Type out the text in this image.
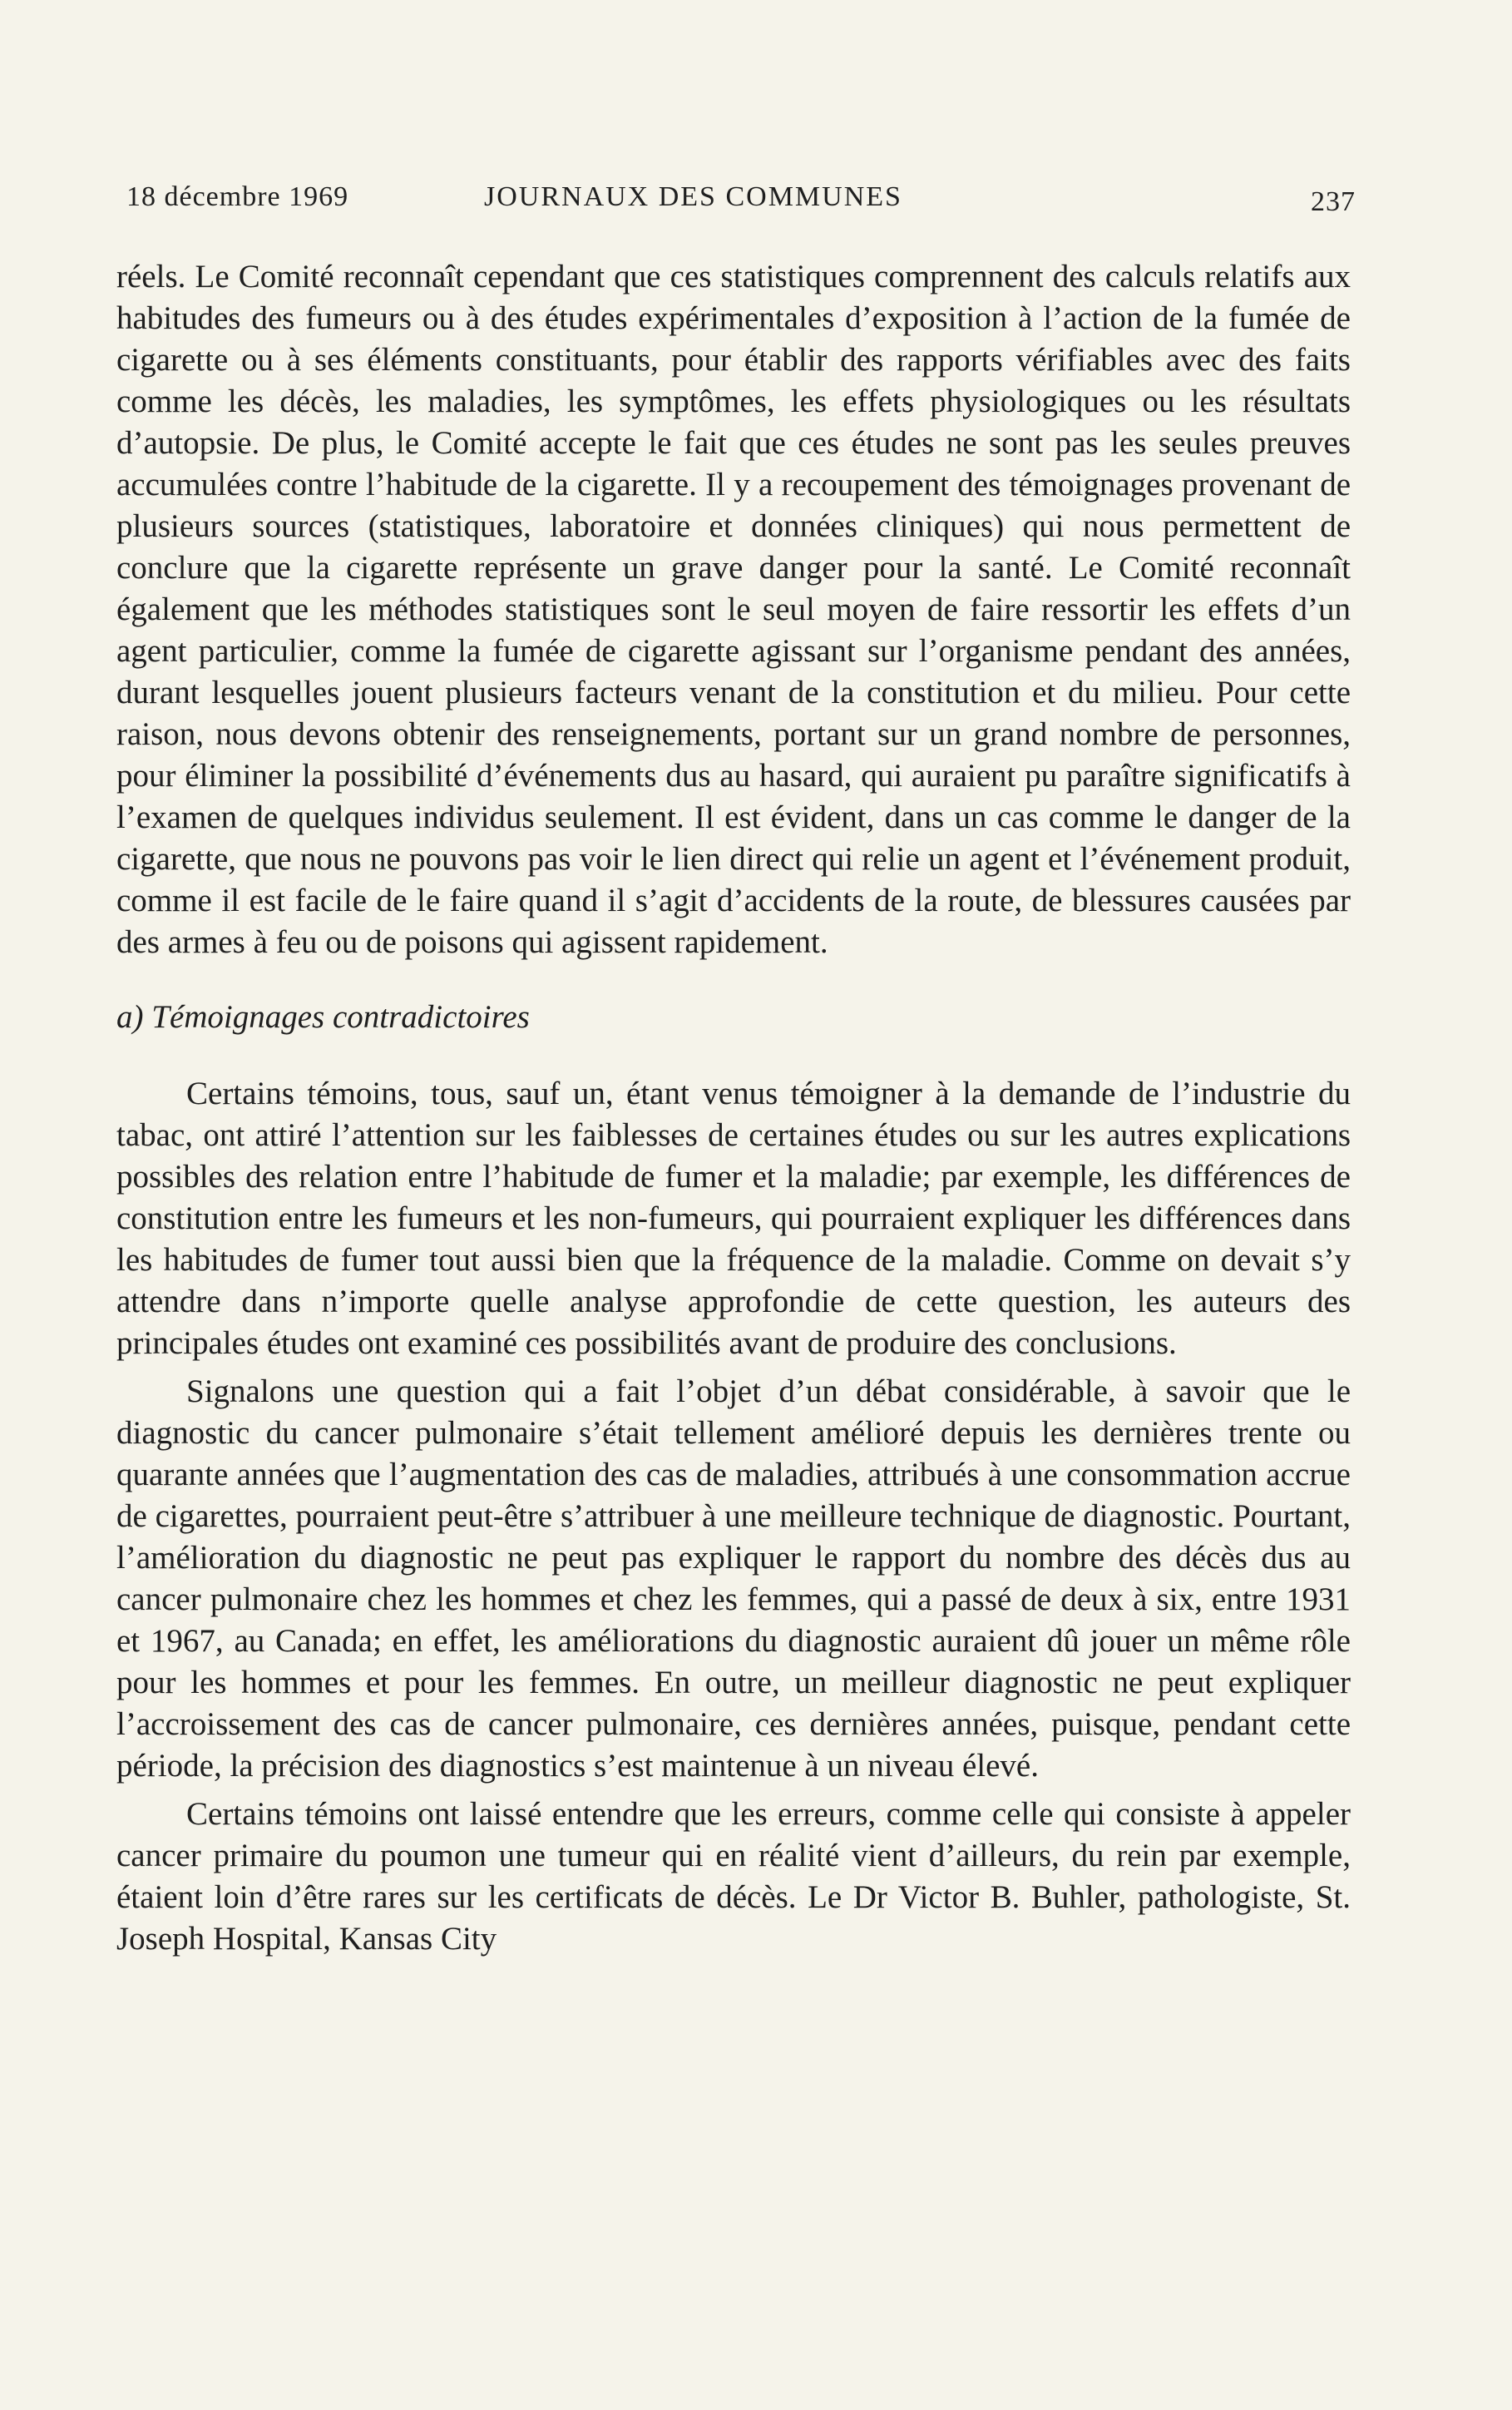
18 décembre 1969	JOURNAUX DES COMMUNES	237

réels. Le Comité reconnaît cependant que ces statistiques comprennent des calculs relatifs aux habitudes des fumeurs ou à des études expérimentales d’exposition à l’action de la fumée de cigarette ou à ses éléments constituants, pour établir des rapports vérifiables avec des faits comme les décès, les maladies, les symptômes, les effets physiologiques ou les résultats d’autopsie. De plus, le Comité accepte le fait que ces études ne sont pas les seules preuves accumulées contre l’habitude de la cigarette. Il y a recoupement des témoignages provenant de plusieurs sources (statistiques, laboratoire et données cliniques) qui nous permettent de conclure que la cigarette représente un grave danger pour la santé. Le Comité reconnaît également que les méthodes statistiques sont le seul moyen de faire ressortir les effets d’un agent particulier, comme la fumée de cigarette agissant sur l’organisme pendant des années, durant lesquelles jouent plusieurs facteurs venant de la constitution et du milieu. Pour cette raison, nous devons obtenir des renseignements, portant sur un grand nombre de personnes, pour éliminer la possibilité d’événements dus au hasard, qui auraient pu paraître significatifs à l’examen de quelques individus seulement. Il est évident, dans un cas comme le danger de la cigarette, que nous ne pouvons pas voir le lien direct qui relie un agent et l’événement produit, comme il est facile de le faire quand il s’agit d’accidents de la route, de blessures causées par des armes à feu ou de poisons qui agissent rapidement.

a) Témoignages contradictoires

Certains témoins, tous, sauf un, étant venus témoigner à la demande de l’industrie du tabac, ont attiré l’attention sur les faiblesses de certaines études ou sur les autres explications possibles des relation entre l’habitude de fumer et la maladie; par exemple, les différences de constitution entre les fumeurs et les non-fumeurs, qui pourraient expliquer les différences dans les habitudes de fumer tout aussi bien que la fréquence de la maladie. Comme on devait s’y attendre dans n’importe quelle analyse approfondie de cette question, les auteurs des principales études ont examiné ces possibilités avant de produire des conclusions.

Signalons une question qui a fait l’objet d’un débat considérable, à savoir que le diagnostic du cancer pulmonaire s’était tellement amélioré depuis les dernières trente ou quarante années que l’augmentation des cas de maladies, attribués à une consommation accrue de cigarettes, pourraient peut-être s’attribuer à une meilleure technique de diagnostic. Pourtant, l’amélioration du diagnostic ne peut pas expliquer le rapport du nombre des décès dus au cancer pulmonaire chez les hommes et chez les femmes, qui a passé de deux à six, entre 1931 et 1967, au Canada; en effet, les améliorations du diagnostic auraient dû jouer un même rôle pour les hommes et pour les femmes. En outre, un meilleur diagnostic ne peut expliquer l’accroissement des cas de cancer pulmonaire, ces dernières années, puisque, pendant cette période, la précision des diagnostics s’est maintenue à un niveau élevé.

Certains témoins ont laissé entendre que les erreurs, comme celle qui consiste à appeler cancer primaire du poumon une tumeur qui en réalité vient d’ailleurs, du rein par exemple, étaient loin d’être rares sur les certificats de décès. Le Dr Victor B. Buhler, pathologiste, St. Joseph Hospital, Kansas City
